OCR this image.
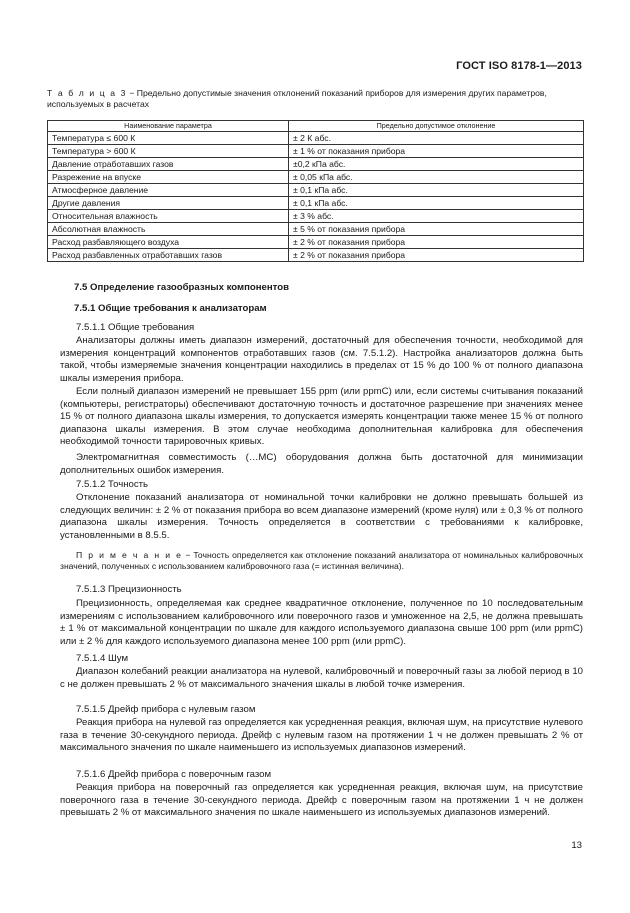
ГОСТ ISO 8178-1—2013
Т а б л и ц а 3 − Предельно допустимые значения отклонений показаний приборов для измерения других параметров, используемых в расчетах
Наименование параметра	Предельно допустимое отклонение
Температура ≤ 600 К	± 2 К абс.
Температура > 600 К	± 1 % от показания прибора
Давление отработавших газов	±0,2 кПа абс.
Разрежение на впуске	± 0,05 кПа абс.
Атмосферное давление	± 0,1 кПа абс.
Другие давления	± 0,1 кПа абс.
Относительная влажность	± 3 % абс.
Абсолютная влажность	± 5 % от показания прибора
Расход разбавляющего воздуха	± 2 % от показания прибора
Расход разбавленных отработавших газов	± 2 % от показания прибора
7.5 Определение газообразных компонентов
7.5.1 Общие требования к анализаторам
7.5.1.1 Общие требования
Анализаторы должны иметь диапазон измерений, достаточный для обеспечения точности, необходимой для измерения концентраций компонентов отработавших газов (см. 7.5.1.2). Настройка анализаторов должна быть такой, чтобы измеряемые значения концентрации находились в пределах от 15 % до 100 % от полного диапазона шкалы измерения прибора.
Если полный диапазон измерений не превышает 155 ppm (или ppmC) или, если системы считывания показаний (компьютеры, регистраторы) обеспечивают достаточную точность и достаточное разрешение при значениях менее 15 % от полного диапазона шкалы измерения, то допускается измерять концентрации также менее 15 % от полного диапазона шкалы измерения. В этом случае необходима дополнительная калибровка для обеспечения необходимой точности тарировочных кривых.
Электромагнитная совместимость (…МС) оборудования должна быть достаточной для минимизации дополнительных ошибок измерения.
7.5.1.2 Точность
Отклонение показаний анализатора от номинальной точки калибровки не должно превышать большей из следующих величин: ± 2 % от показания прибора во всем диапазоне измерений (кроме нуля) или ± 0,3 % от полного диапазона шкалы измерения. Точность определяется в соответствии с требованиями к калибровке, установленными в 8.5.5.
П р и м е ч а н и е − Точность определяется как отклонение показаний анализатора от номинальных калибровочных значений, полученных с использованием калибровочного газа (= истинная величина).
7.5.1.3 Прецизионность
Прецизионность, определяемая как среднее квадратичное отклонение, полученное по 10 последовательным измерениям с использованием калибровочного или поверочного газов и умноженное на 2,5, не должна превышать ± 1 % от максимальной концентрации по шкале для каждого используемого диапазона свыше 100 ppm (или ppmC) или ± 2 % для каждого используемого диапазона менее 100 ppm (или ppmC).
7.5.1.4 Шум
Диапазон колебаний реакции анализатора на нулевой, калибровочный и поверочный газы за любой период в 10 с не должен превышать 2 % от максимального значения шкалы в любой точке измерения.
7.5.1.5 Дрейф прибора с нулевым газом
Реакция прибора на нулевой газ определяется как усредненная реакция, включая шум, на присутствие нулевого газа в течение 30-секундного периода. Дрейф с нулевым газом на протяжении 1 ч не должен превышать 2 % от максимального значения по шкале наименьшего из используемых диапазонов измерений.
7.5.1.6 Дрейф прибора с поверочным газом
Реакция прибора на поверочный газ определяется как усредненная реакция, включая шум, на присутствие поверочного газа в течение 30-секундного периода. Дрейф с поверочным газом на протяжении 1 ч не должен превышать 2 % от максимального значения по шкале наименьшего из используемых диапазонов измерений.
13
